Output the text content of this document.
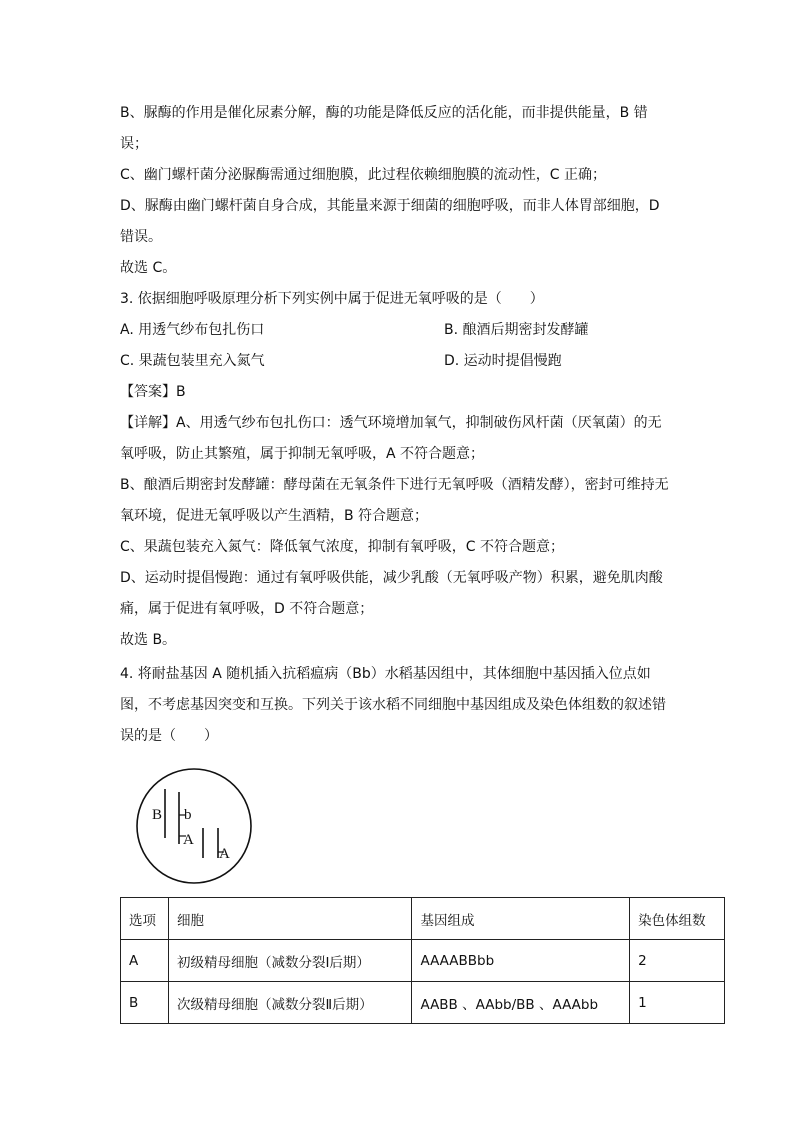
B、脲酶的作用是催化尿素分解，酶的功能是降低反应的活化能，而非提供能量，B 错
误；
C、幽门螺杆菌分泌脲酶需通过细胞膜，此过程依赖细胞膜的流动性，C 正确；
D、脲酶由幽门螺杆菌自身合成，其能量来源于细菌的细胞呼吸，而非人体胃部细胞，D
错误。
故选 C。
3. 依据细胞呼吸原理分析下列实例中属于促进无氧呼吸的是（　　）
A. 用透气纱布包扎伤口	B. 酿酒后期密封发酵罐
C. 果蔬包装里充入氮气	D. 运动时提倡慢跑
【答案】B
【详解】A、用透气纱布包扎伤口：透气环境增加氧气，抑制破伤风杆菌（厌氧菌）的无
氧呼吸，防止其繁殖，属于抑制无氧呼吸，A 不符合题意；
B、酿酒后期密封发酵罐：酵母菌在无氧条件下进行无氧呼吸（酒精发酵），密封可维持无
氧环境，促进无氧呼吸以产生酒精，B 符合题意；
C、果蔬包装充入氮气：降低氧气浓度，抑制有氧呼吸，C 不符合题意；
D、运动时提倡慢跑：通过有氧呼吸供能，减少乳酸（无氧呼吸产物）积累，避免肌肉酸
痛，属于促进有氧呼吸，D 不符合题意；
故选 B。
4. 将耐盐基因 A 随机插入抗稻瘟病（Bb）水稻基因组中，其体细胞中基因插入位点如
图，不考虑基因突变和互换。下列关于该水稻不同细胞中基因组成及染色体组数的叙述错
误的是（　　）
B b
A
A
选项	细胞	基因组成	染色体组数
A	初级精母细胞（减数分裂Ⅰ后期）	AAAABBbb	2
B	次级精母细胞（减数分裂Ⅱ后期）	AABB 、AAbb/BB 、AAAbb	1
